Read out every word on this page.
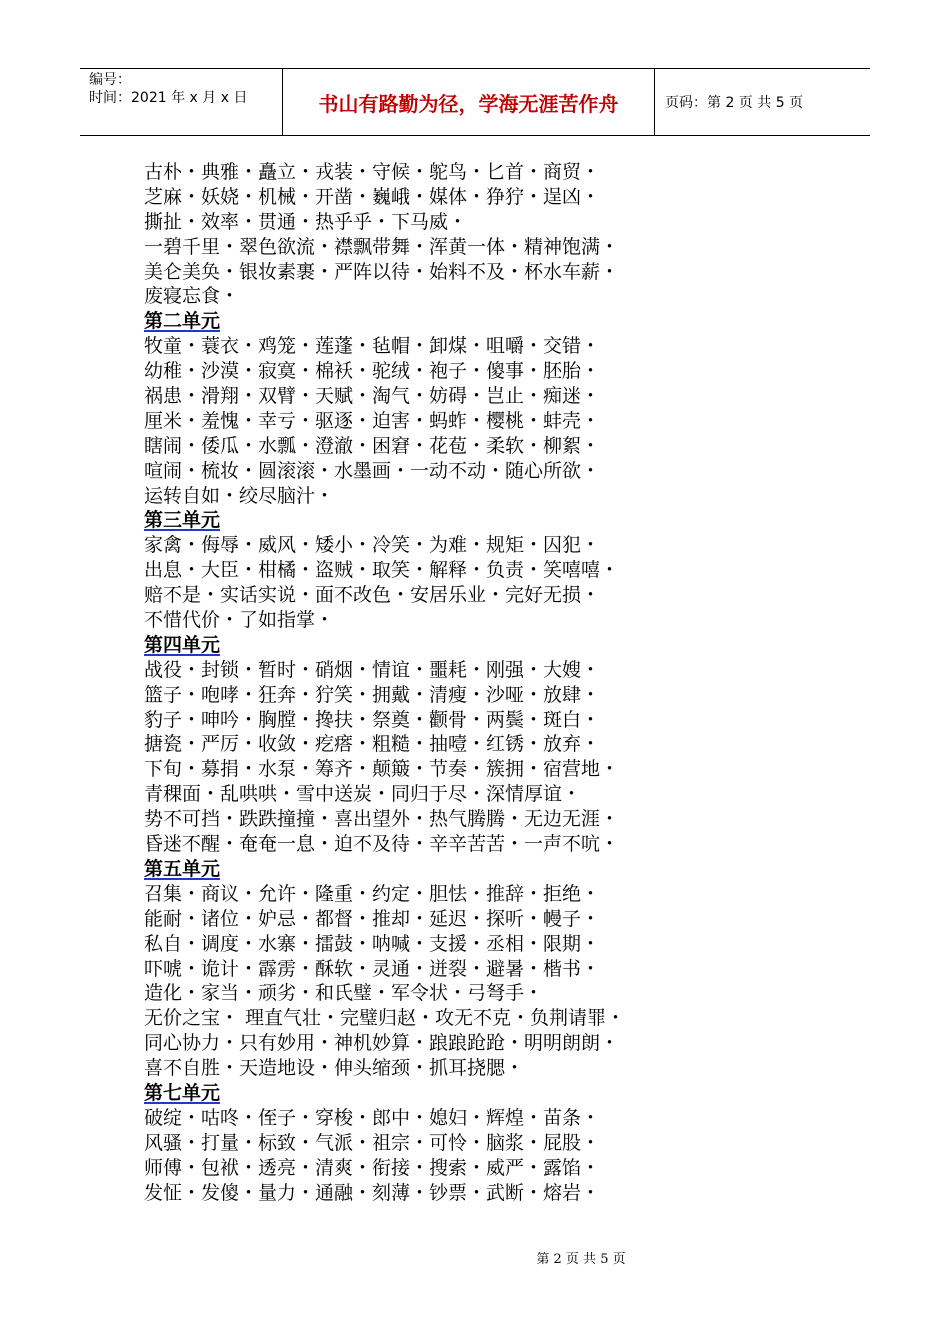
编号：
时间：2021 年 x 月 x 日	书山有路勤为径，学海无涯苦作舟	页码：第 2 页 共 5 页
古朴・典雅・矗立・戎装・守候・鸵鸟・匕首・商贸・
芝麻・妖娆・机械・开凿・巍峨・媒体・狰狞・逞凶・
撕扯・效率・贯通・热乎乎・下马威・
一碧千里・翠色欲流・襟飘带舞・浑黄一体・精神饱满・
美仑美奂・银妆素裹・严阵以待・始料不及・杯水车薪・
废寝忘食・
第二单元
牧童・蓑衣・鸡笼・莲蓬・毡帽・卸煤・咀嚼・交错・
幼稚・沙漠・寂寞・棉袄・驼绒・袍子・傻事・胚胎・
祸患・滑翔・双臂・天赋・淘气・妨碍・岂止・痴迷・
厘米・羞愧・幸亏・驱逐・迫害・蚂蚱・樱桃・蚌壳・
瞎闹・倭瓜・水瓢・澄澈・困窘・花苞・柔软・柳絮・
喧闹・梳妆・圆滚滚・水墨画・一动不动・随心所欲・
运转自如・绞尽脑汁・
第三单元
家禽・侮辱・威风・矮小・冷笑・为难・规矩・囚犯・
出息・大臣・柑橘・盗贼・取笑・解释・负责・笑嘻嘻・
赔不是・实话实说・面不改色・安居乐业・完好无损・
不惜代价・了如指掌・
第四单元
战役・封锁・暂时・硝烟・情谊・噩耗・刚强・大嫂・
篮子・咆哮・狂奔・狞笑・拥戴・清瘦・沙哑・放肆・
豹子・呻吟・胸膛・搀扶・祭奠・颧骨・两鬓・斑白・
搪瓷・严厉・收敛・疙瘩・粗糙・抽噎・红锈・放弃・
下旬・募捐・水泵・筹齐・颠簸・节奏・簇拥・宿营地・
青稞面・乱哄哄・雪中送炭・同归于尽・深情厚谊・
势不可挡・跌跌撞撞・喜出望外・热气腾腾・无边无涯・
昏迷不醒・奄奄一息・迫不及待・辛辛苦苦・一声不吭・
第五单元
召集・商议・允许・隆重・约定・胆怯・推辞・拒绝・
能耐・诸位・妒忌・都督・推却・延迟・探听・幔子・
私自・调度・水寨・擂鼓・呐喊・支援・丞相・限期・
吓唬・诡计・霹雳・酥软・灵通・迸裂・避暑・楷书・
造化・家当・顽劣・和氏璧・军令状・弓弩手・
无价之宝・ 理直气壮・完璧归赵・攻无不克・负荆请罪・
同心协力・只有妙用・神机妙算・踉踉跄跄・明明朗朗・
喜不自胜・天造地设・伸头缩颈・抓耳挠腮・
第七单元
破绽・咕咚・侄子・穿梭・郎中・媳妇・辉煌・苗条・
风骚・打量・标致・气派・祖宗・可怜・脑浆・屁股・
师傅・包袱・透亮・清爽・衔接・搜索・威严・露馅・
发怔・发傻・量力・通融・刻薄・钞票・武断・熔岩・
第 2 页 共 5 页
